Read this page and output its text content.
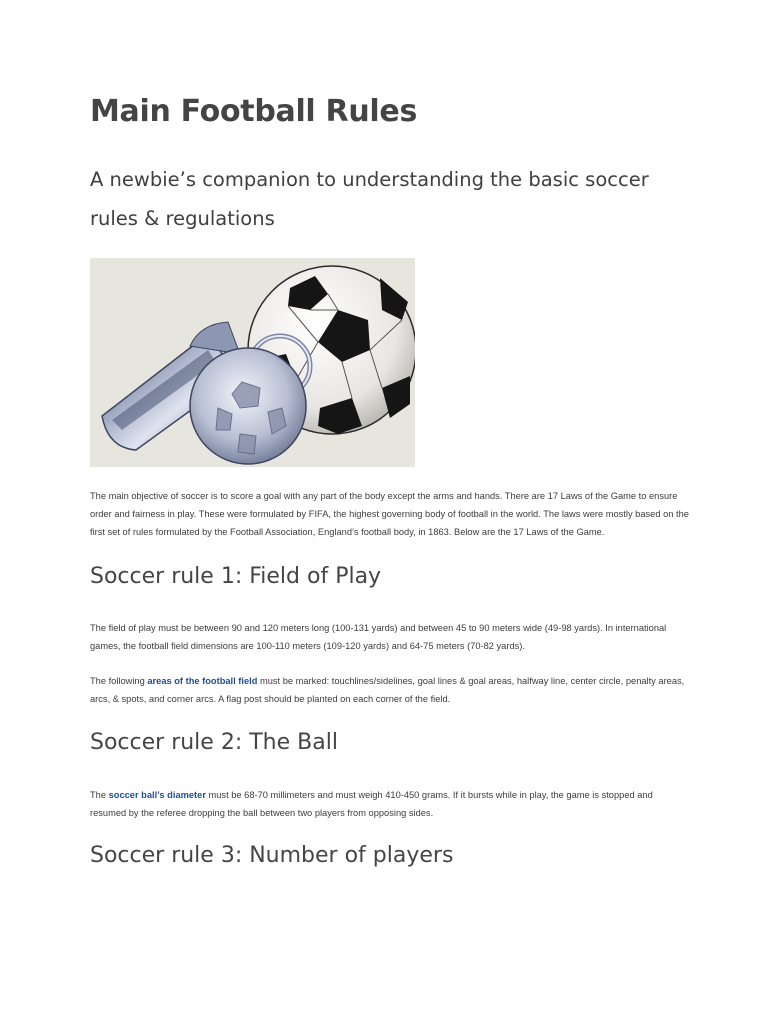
Main Football Rules

A newbie’s companion to understanding the basic soccer rules & regulations

The main objective of soccer is to score a goal with any part of the body except the arms and hands. There are 17 Laws of the Game to ensure order and fairness in play. These were formulated by FIFA, the highest governing body of football in the world. The laws were mostly based on the first set of rules formulated by the Football Association, England’s football body, in 1863. Below are the 17 Laws of the Game.

Soccer rule 1: Field of Play

The field of play must be between 90 and 120 meters long (100-131 yards) and between 45 to 90 meters wide (49-98 yards). In international games, the football field dimensions are 100-110 meters (109-120 yards) and 64-75 meters (70-82 yards).

The following areas of the football field must be marked: touchlines/sidelines, goal lines & goal areas, halfway line, center circle, penalty areas, arcs, & spots, and corner arcs. A flag post should be planted on each corner of the field.

Soccer rule 2: The Ball

The soccer ball’s diameter must be 68-70 millimeters and must weigh 410-450 grams. If it bursts while in play, the game is stopped and resumed by the referee dropping the ball between two players from opposing sides.

Soccer rule 3: Number of players
